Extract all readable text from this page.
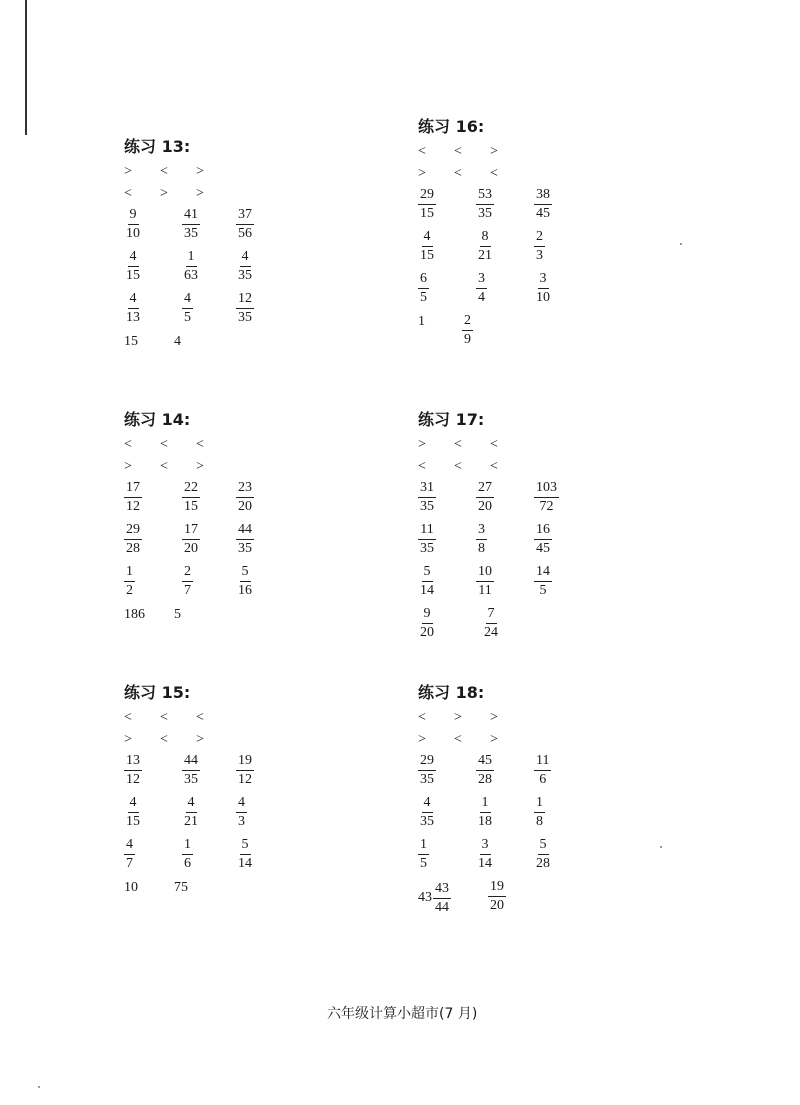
练习 13:
> < >
< > >
$\frac{9}{10}$	$\frac{41}{35}$	$\frac{37}{56}$
$\frac{4}{15}$	$\frac{1}{63}$	$\frac{4}{35}$
$\frac{4}{13}$	$\frac{4}{5}$	$\frac{12}{35}$
15	4
练习 16:
< < >
> < <
$\frac{29}{15}$	$\frac{53}{35}$	$\frac{38}{45}$
$\frac{4}{15}$	$\frac{8}{21}$	$\frac{2}{3}$
$\frac{6}{5}$	$\frac{3}{4}$	$\frac{3}{10}$
1	$\frac{2}{9}$
练习 14:
< < <
> < >
$\frac{17}{12}$	$\frac{22}{15}$	$\frac{23}{20}$
$\frac{29}{28}$	$\frac{17}{20}$	$\frac{44}{35}$
$\frac{1}{2}$	$\frac{2}{7}$	$\frac{5}{16}$
186 5
练习 17:
> < <
< < <
$\frac{31}{35}$	$\frac{27}{20}$	$\frac{103}{72}$
$\frac{11}{35}$	$\frac{3}{8}$	$\frac{16}{45}$
$\frac{5}{14}$	$\frac{10}{11}$	$\frac{14}{5}$
$\frac{9}{20}$	$\frac{7}{24}$
练习 15:
< < <
> < >
$\frac{13}{12}$	$\frac{44}{35}$	$\frac{19}{12}$
$\frac{4}{15}$	$\frac{4}{21}$	$\frac{4}{3}$
$\frac{4}{7}$	$\frac{1}{6}$	$\frac{5}{14}$
10	75
练习 18:
< > >
> < >
$\frac{29}{35}$	$\frac{45}{28}$	$\frac{11}{6}$
$\frac{4}{35}$	$\frac{1}{18}$	$\frac{1}{8}$
$\frac{1}{5}$	$\frac{3}{14}$	$\frac{5}{28}$
$43 \frac{43}{44}$	$\frac{19}{20}$
六年级计算小超市(7 月)
